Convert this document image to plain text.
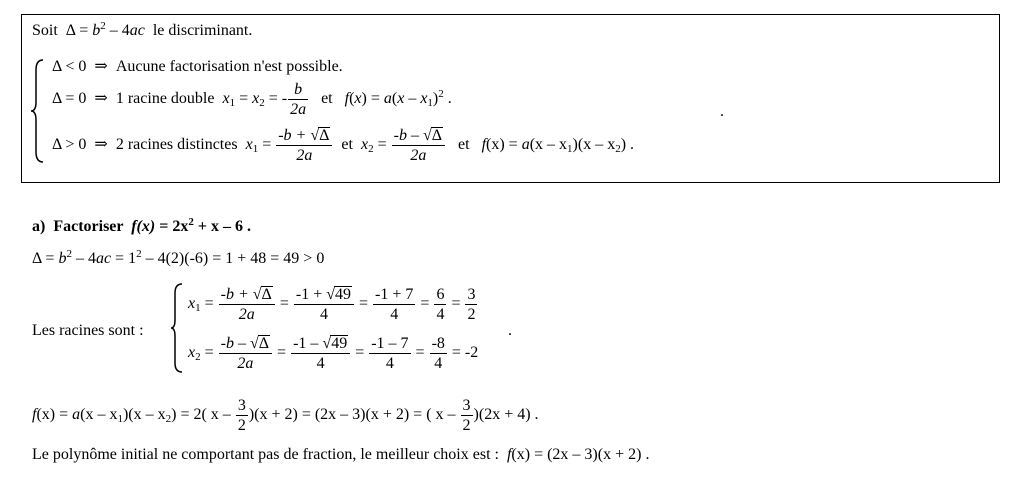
Soit $\Delta = b^2 - 4ac$  le discriminant.
Δ < 0  ⇒  Aucune factorisation n'est possible.
Δ = 0  ⇒  1 racine double  $x_1 = x_2$ = - $\frac{b}{2a}$ et   $f(x) = a(x - x_1)^2$ .
.
Δ > 0  ⇒  2 racines distinctes  $x_1 = \frac{-b + √\Delta}{2a}$ et  $x_2 = \frac{-b - √\Delta}{2a}$ et   $f(x) = a(x - x_1)(x - x_2)$ .
a)  Factoriser  $f(x) = 2x^2 + x - 6$ .
$\Delta = b^2 - 4ac = 1^2 - 4(2)(-6) = 1 + 48 = 49 > 0$
Les racines sont :
$x_1 = \frac{-b + √\Delta}{2a} = \frac{-1 + √49}{4} = \frac{-1 + 7}{4} = \frac{6}{4} = \frac{3}{2}$
$x_2 = \frac{-b - √\Delta}{2a} = \frac{-1 - √49}{4} = \frac{-1 - 7}{4} = \frac{-8}{4} = -2$
.
$f(x) = a(x - x_1)(x - x_2) = 2$( $x - \frac{3}{2} )(x + 2) = (2x - 3)(x + 2)$ = ( $x - \frac{3}{2} )(2x + 4)$ .
Le polynôme initial ne comportant pas de fraction, le meilleur choix est :  f(x) = (2x – 3)(x + 2) .
